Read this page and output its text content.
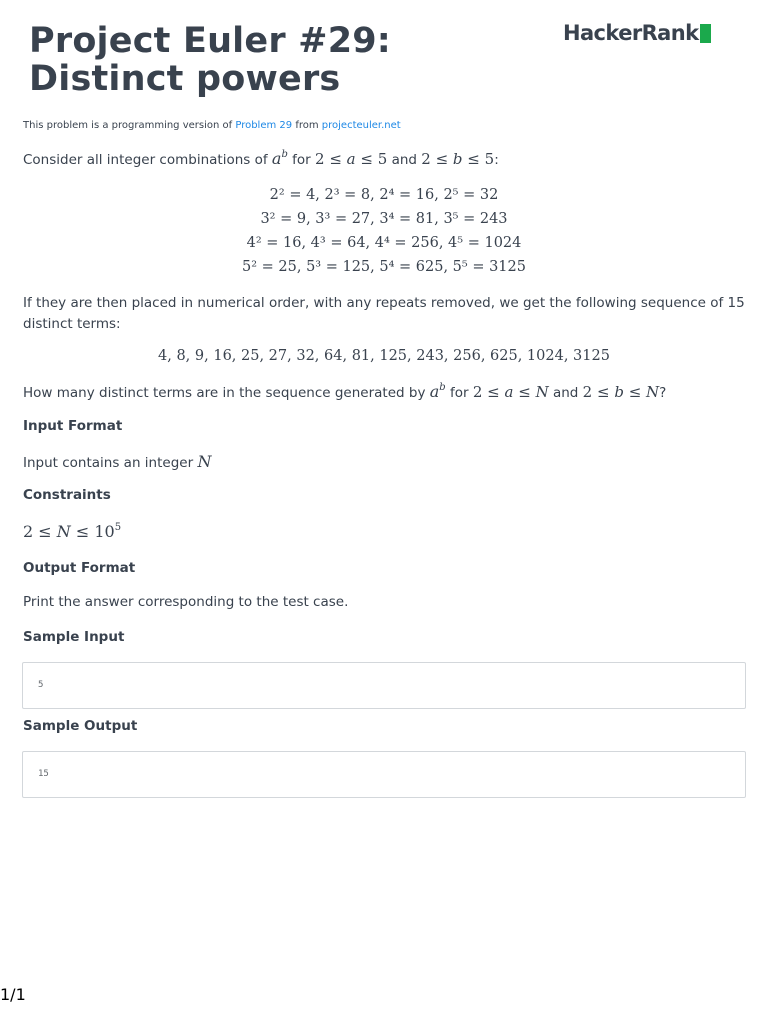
Project Euler #29:
Distinct powers
HackerRank
This problem is a programming version of Problem 29 from projecteuler.net
Consider all integer combinations of $a^b$ for 2 ≤ a ≤ 5 and 2 ≤ b ≤ 5:
2² = 4, 2³ = 8, 2⁴ = 16, 2⁵ = 32
3² = 9, 3³ = 27, 3⁴ = 81, 3⁵ = 243
4² = 16, 4³ = 64, 4⁴ = 256, 4⁵ = 1024
5² = 25, 5³ = 125, 5⁴ = 625, 5⁵ = 3125
If they are then placed in numerical order, with any repeats removed, we get the following sequence of 15 distinct terms:
4, 8, 9, 16, 25, 27, 32, 64, 81, 125, 243, 256, 625, 1024, 3125
How many distinct terms are in the sequence generated by $a^b$ for 2 ≤ a ≤ N and 2 ≤ b ≤ N?
Input Format
Input contains an integer N
Constraints
$2 \le N \le 10^5$
Output Format
Print the answer corresponding to the test case.
Sample Input
5
Sample Output
15
1/1
